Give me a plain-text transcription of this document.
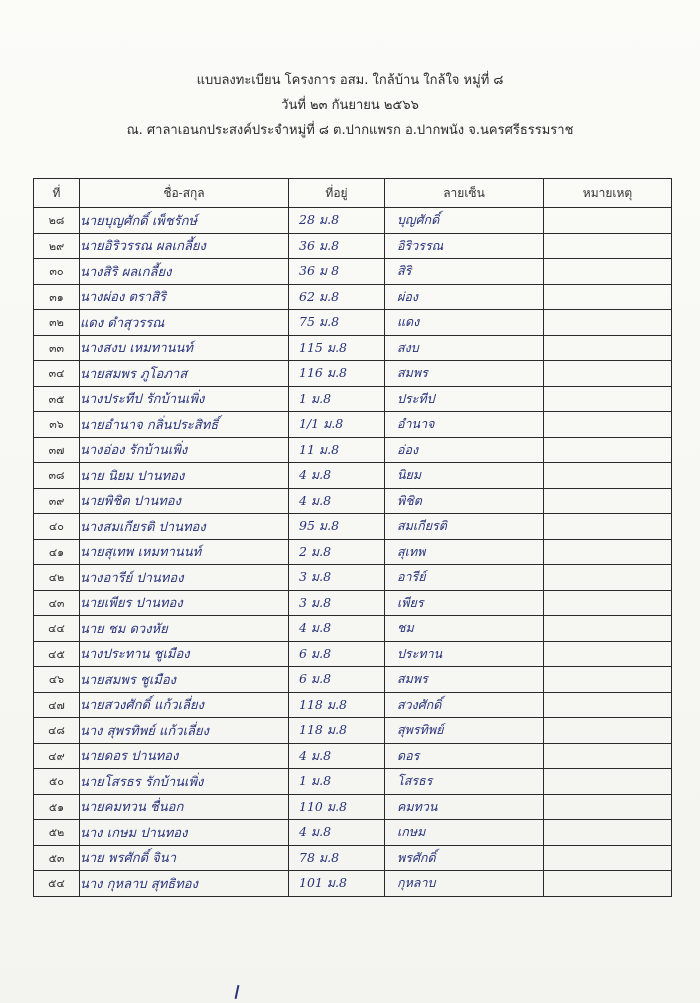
แบบลงทะเบียน โครงการ อสม. ใกล้บ้าน ใกล้ใจ หมู่ที่ ๘
วันที่ ๒๓ กันยายน ๒๕๖๖
ณ. ศาลาเอนกประสงค์ประจำหมู่ที่ ๘ ต.ปากแพรก อ.ปากพนัง จ.นครศรีธรรมราช
ที่	ชื่อ-สกุล	ที่อยู่	ลายเซ็น	หมายเหตุ
๒๘	นายบุญศักดิ์ เพ็ชรักษ์	28 ม.8	บุญศักดิ์	
๒๙	นายอิริวรรณ ผลเกลี้ยง	36 ม.8	อิริวรรณ	
๓๐	นางสิริ ผลเกลี้ยง	36 ม 8	สิริ	
๓๑	นางผ่อง ตราสิริ	62 ม.8	ผ่อง	
๓๒	แดง ดำสุวรรณ	75 ม.8	แดง	
๓๓	นางสงบ เหมทานนท์	115 ม.8	สงบ	
๓๔	นายสมพร ภูโอภาส	116 ม.8	สมพร	
๓๕	นางประทีป รักบ้านเพิ่ง	1 ม.8	ประทีป	
๓๖	นายอำนาจ กลิ่นประสิทธิ์	1/1 ม.8	อำนาจ	
๓๗	นางอ่อง รักบ้านเพิ่ง	11 ม.8	อ่อง	
๓๘	นาย นิยม ปานทอง	4 ม.8	นิยม	
๓๙	นายพิชิต ปานทอง	4 ม.8	พิชิต	
๔๐	นางสมเกียรติ ปานทอง	95 ม.8	สมเกียรติ	
๔๑	นายสุเทพ เหมทานนท์	2 ม.8	สุเทพ	
๔๒	นางอารีย์ ปานทอง	3 ม.8	อารีย์	
๔๓	นายเพียร ปานทอง	3 ม.8	เพียร	
๔๔	นาย ชม ดวงหัย	4 ม.8	ชม	
๔๕	นางประทาน ชูเมือง	6 ม.8	ประทาน	
๔๖	นายสมพร ชูเมือง	6 ม.8	สมพร	
๔๗	นายสวงศักดิ์ แก้วเลี่ยง	118 ม.8	สวงศักดิ์	
๔๘	นาง สุพรทิพย์ แก้วเลี่ยง	118 ม.8	สุพรทิพย์	
๔๙	นายดอร ปานทอง	4 ม.8	ดอร	
๕๐	นายโสรธร รักบ้านเพิ่ง	1 ม.8	โสรธร	
๕๑	นายคมทวน ชื่นอก	110 ม.8	คมทวน	
๕๒	นาง เกษม ปานทอง	4 ม.8	เกษม	
๕๓	นาย พรศักดิ์ จินา	78 ม.8	พรศักดิ์	
๕๔	นาง กุหลาบ สุทธิทอง	101 ม.8	กุหลาบ	
